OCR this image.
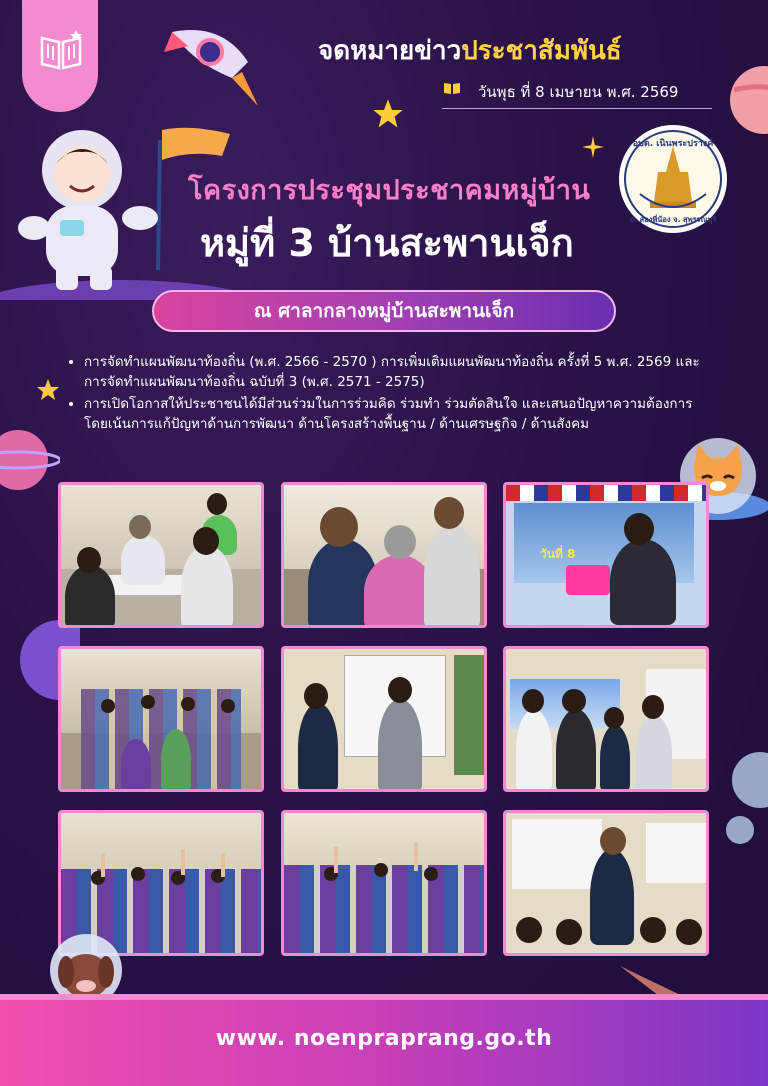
จดหมายข่าวประชาสัมพันธ์
วันพุธ ที่ 8 เมษายน พ.ศ. 2569
โครงการประชุมประชาคมหมู่บ้าน
หมู่ที่ 3 บ้านสะพานเจ็ก
อบต. เนินพระปรางค์
อ. สองพี่น้อง จ. สุพรรณบุรี
ณ ศาลากลางหมู่บ้านสะพานเจ็ก
• การจัดทำแผนพัฒนาท้องถิ่น (พ.ศ. 2566 - 2570 ) การเพิ่มเติมแผนพัฒนาท้องถิ่น ครั้งที่ 5 พ.ศ. 2569 และ การจัดทำแผนพัฒนาท้องถิ่น ฉบับที่ 3 (พ.ศ. 2571 - 2575)
• การเปิดโอกาสให้ประชาชนได้มีส่วนร่วมในการร่วมคิด ร่วมทำ ร่วมตัดสินใจ และเสนอปัญหาความต้องการ โดยเน้นการแก้ปัญหาด้านการพัฒนา ด้านโครงสร้างพื้นฐาน / ด้านเศรษฐกิจ / ด้านสังคม
วันที่ 8
www. noenpraprang.go.th
